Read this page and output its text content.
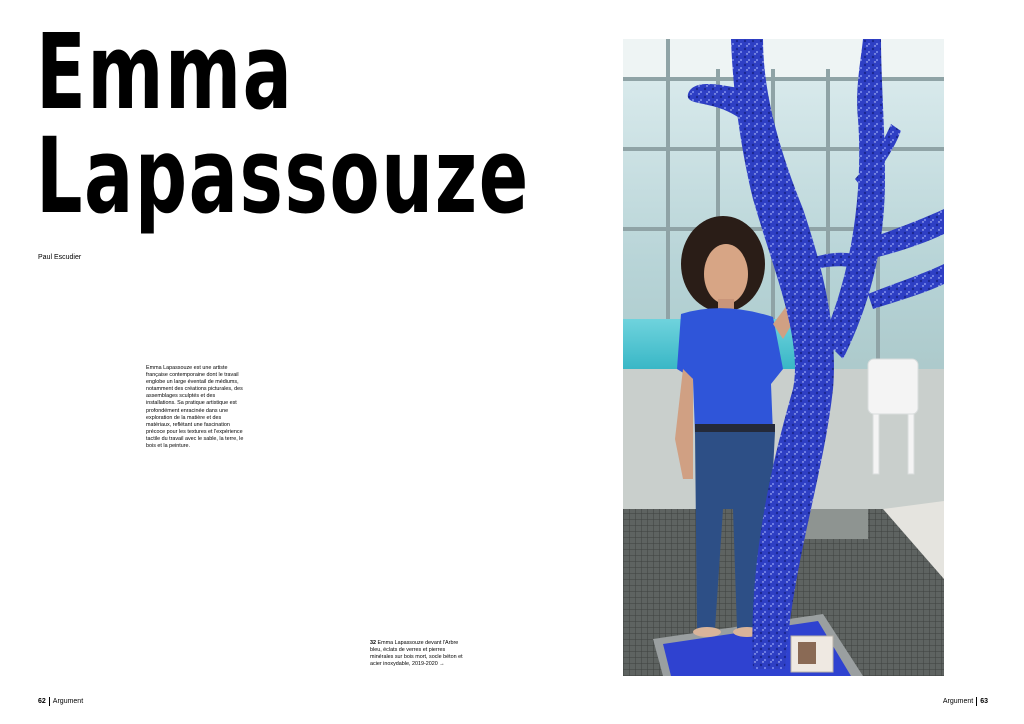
Emma
Lapassouze
Paul Escudier

Emma Lapassouze est une artiste française contemporaine dont le travail englobe un large éventail de médiums, notamment des créations picturales, des assemblages sculptés et des installations. Sa pratique artistique est profondément enracinée dans une exploration de la matière et des matériaux, reflétant une fascination précoce pour les textures et l'expérience tactile du travail avec le sable, la terre, le bois et la peinture.

32 Emma Lapassouze devant l'Arbre bleu, éclats de verres et pierres minérales sur bois mort, socle béton et acier inoxydable, 2019-2020 →
62 Argument	Argument 63
